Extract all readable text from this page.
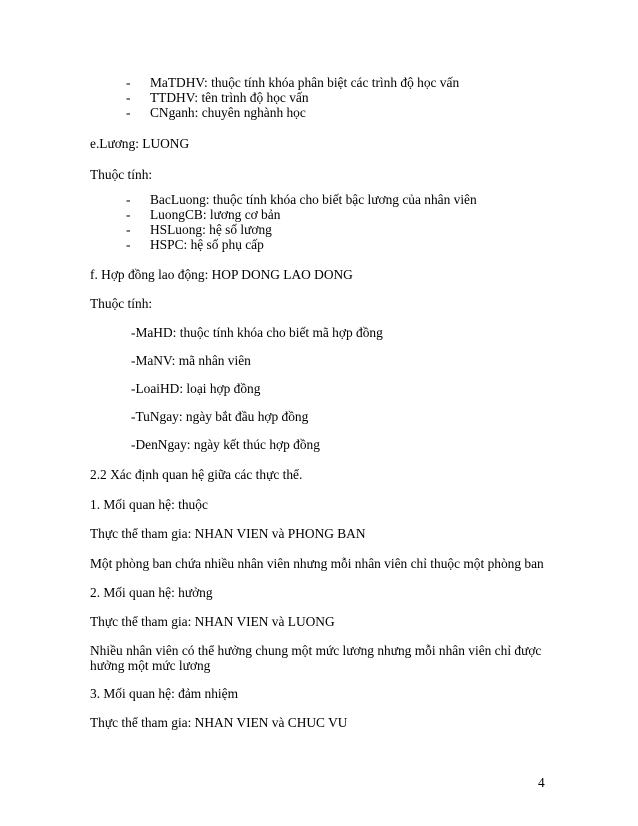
- MaTDHV: thuộc tính khóa phân biệt các trình độ học vấn
- TTDHV: tên trình độ học vấn
- CNganh: chuyên nghành học
e.Lương: LUONG
Thuộc tính:
- BacLuong: thuộc tính khóa cho biết bậc lương của nhân viên
- LuongCB: lương cơ bản
- HSLuong: hệ số lương
- HSPC: hệ số phụ cấp
f. Hợp đồng lao động: HOP DONG LAO DONG
Thuộc tính:
-MaHD: thuộc tính khóa cho biết mã hợp đồng
-MaNV: mã nhân viên
-LoaiHD: loại hợp đồng
-TuNgay: ngày bắt đầu hợp đồng
-DenNgay: ngày kết thúc hợp đồng
2.2 Xác định quan hệ giữa các thực thể.
1. Mối quan hệ: thuộc
Thực thể tham gia: NHAN VIEN và PHONG BAN
Một phòng ban chứa nhiều nhân viên nhưng mỗi nhân viên chỉ thuộc một phòng ban
2. Mối quan hệ: hưởng
Thực thể tham gia: NHAN VIEN và LUONG
Nhiều nhân viên có thể hưởng chung một mức lương nhưng mỗi nhân viên chỉ được
hưởng một mức lương
3. Mối quan hệ: đảm nhiệm
Thực thể tham gia: NHAN VIEN và CHUC VU
4
